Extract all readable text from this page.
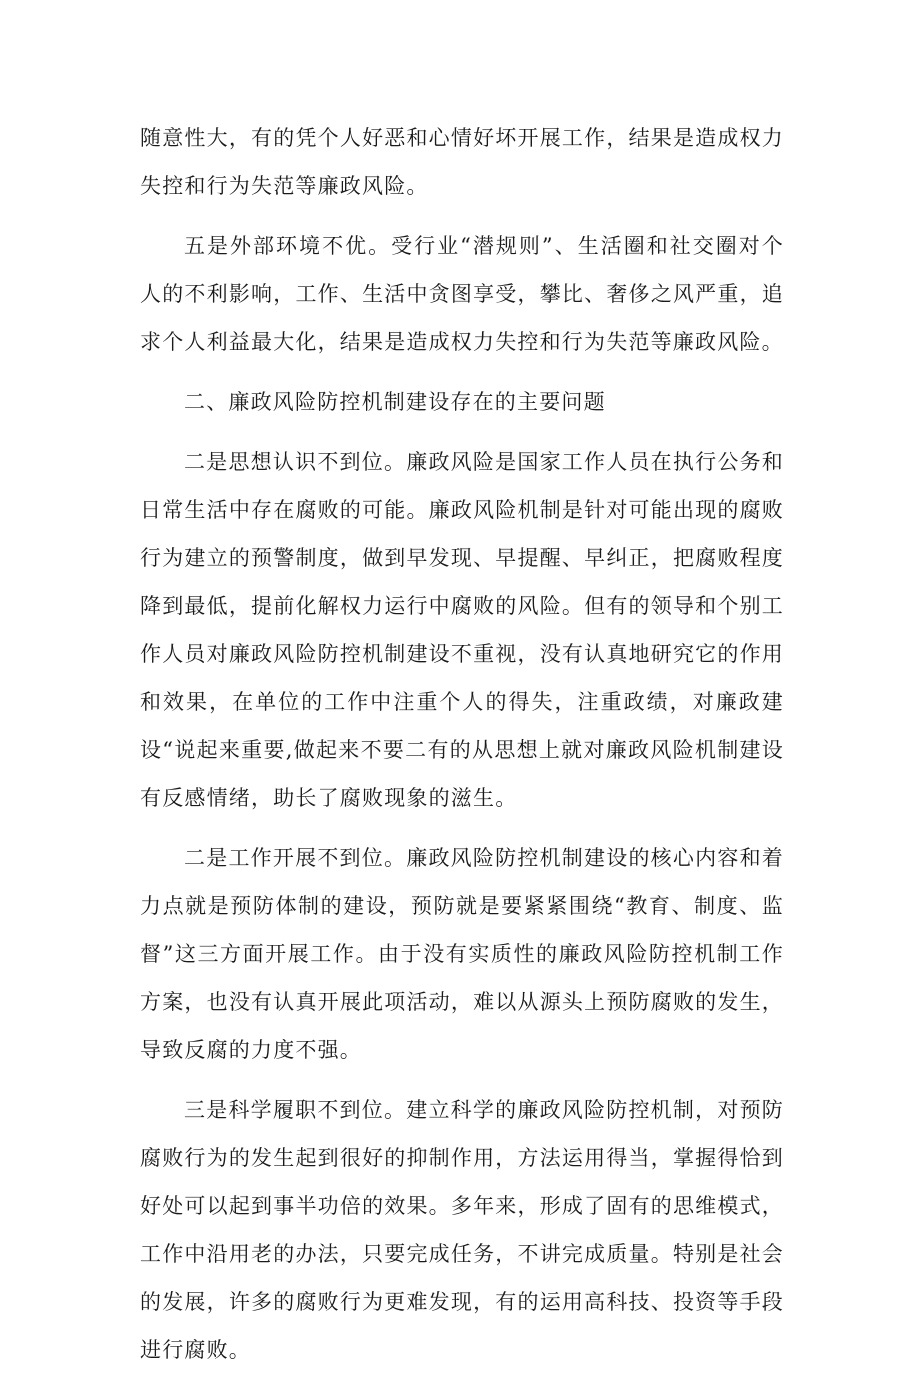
随意性大，有的凭个人好恶和心情好坏开展工作，结果是造成权力失控和行为失范等廉政风险。

五是外部环境不优。受行业“潜规则”、生活圈和社交圈对个人的不利影响，工作、生活中贪图享受，攀比、奢侈之风严重，追求个人利益最大化，结果是造成权力失控和行为失范等廉政风险。

二、廉政风险防控机制建设存在的主要问题

二是思想认识不到位。廉政风险是国家工作人员在执行公务和日常生活中存在腐败的可能。廉政风险机制是针对可能出现的腐败行为建立的预警制度，做到早发现、早提醒、早纠正，把腐败程度降到最低，提前化解权力运行中腐败的风险。但有的领导和个别工作人员对廉政风险防控机制建设不重视，没有认真地研究它的作用和效果，在单位的工作中注重个人的得失，注重政绩，对廉政建设“说起来重要,做起来不要二有的从思想上就对廉政风险机制建设有反感情绪，助长了腐败现象的滋生。

二是工作开展不到位。廉政风险防控机制建设的核心内容和着力点就是预防体制的建设，预防就是要紧紧围绕“教育、制度、监督”这三方面开展工作。由于没有实质性的廉政风险防控机制工作方案，也没有认真开展此项活动，难以从源头上预防腐败的发生，导致反腐的力度不强。

三是科学履职不到位。建立科学的廉政风险防控机制，对预防腐败行为的发生起到很好的抑制作用，方法运用得当，掌握得恰到好处可以起到事半功倍的效果。多年来，形成了固有的思维模式，工作中沿用老的办法，只要完成任务，不讲完成质量。特别是社会的发展，许多的腐败行为更难发现，有的运用高科技、投资等手段进行腐败。
